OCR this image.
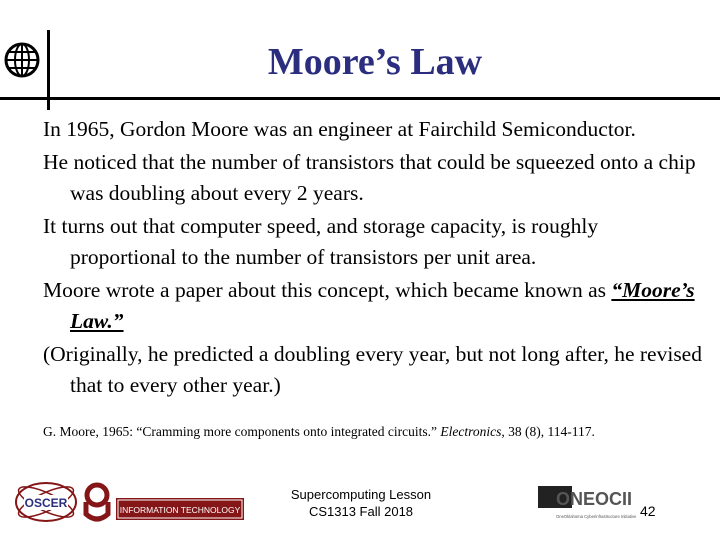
Moore’s Law

In 1965, Gordon Moore was an engineer at Fairchild Semiconductor.

He noticed that the number of transistors that could be squeezed onto a chip was doubling about every 2 years.

It turns out that computer speed, and storage capacity, is roughly proportional to the number of transistors per unit area.

Moore wrote a paper about this concept, which became known as “Moore’s Law.”

(Originally, he predicted a doubling every year, but not long after, he revised that to every other year.)

G. Moore, 1965: “Cramming more components onto integrated circuits.” Electronics, 38 (8), 114-117.
OSCER	INFORMATION TECHNOLOGY
Supercomputing Lesson
CS1313 Fall 2018
ONEOCII
OneOklahoma Cyberinfrastructure Initiative 42
